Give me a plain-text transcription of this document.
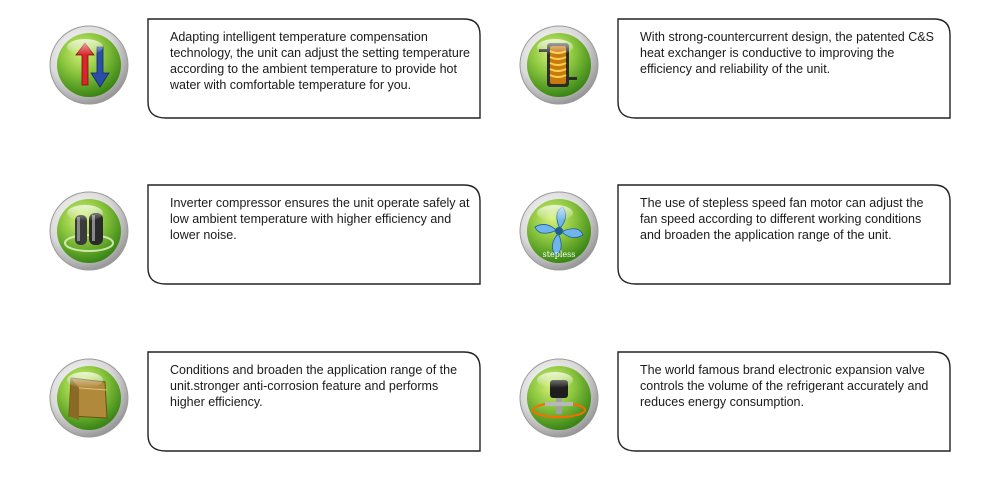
Adapting intelligent temperature compensation technology, the unit can adjust the setting temperature according to the ambient temperature to provide hot water with comfortable temperature for you.

With strong-countercurrent design, the patented C&S heat exchanger is conductive to improving the efficiency and reliability of the unit.

Inverter compressor ensures the unit operate safely at low ambient temperature with higher efficiency and lower noise.

stepless

The use of stepless speed fan motor can adjust the fan speed according to different working conditions and broaden the application range of the unit.

Conditions and broaden the application range of the unit.stronger anti-corrosion feature and performs higher efficiency.

The world famous brand electronic expansion valve controls the volume of the refrigerant accurately and reduces energy consumption.
